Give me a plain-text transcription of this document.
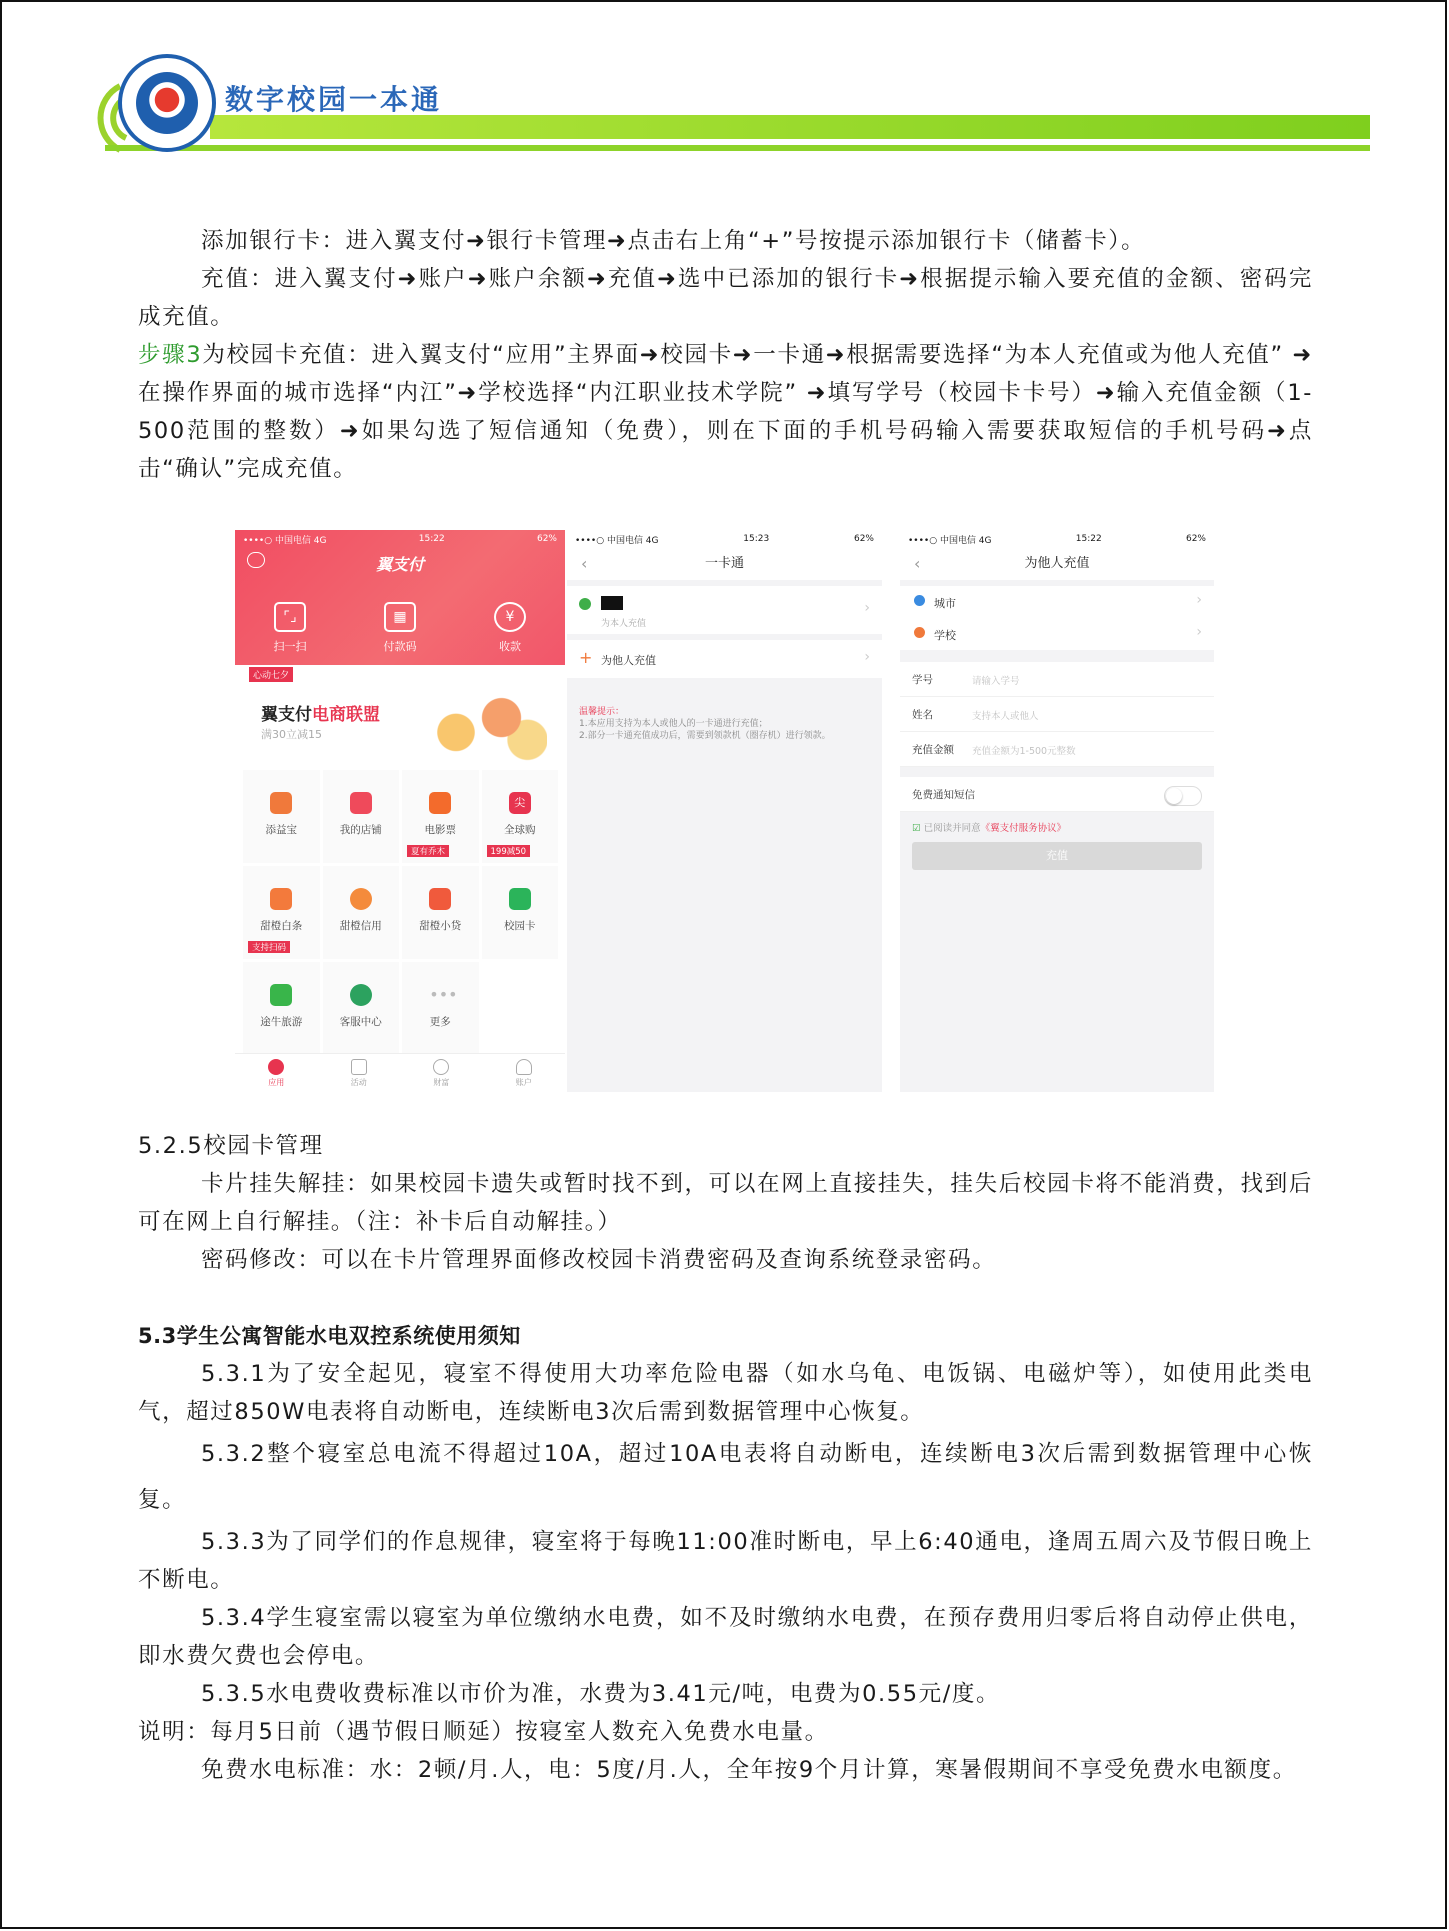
数字校园一本通

添加银行卡：进入翼支付➜银行卡管理➜点击右上角“+”号按提示添加银行卡（储蓄卡）。

充值：进入翼支付➜账户➜账户余额➜充值➜选中已添加的银行卡➜根据提示输入要充值的金额、密码完成充值。

步骤3为校园卡充值：进入翼支付“应用”主界面➜校园卡➜一卡通➜根据需要选择“为本人充值或为他人充值” ➜在操作界面的城市选择“内江”➜学校选择“内江职业技术学院” ➜填写学号（校园卡卡号）➜输入充值金额（1-500范围的整数）➜如果勾选了短信通知（免费），则在下面的手机号码输入需要获取短信的手机号码➜点击“确认”完成充值。

••••○ 中国电信 4G	15:22	62%
翼支付
⌜⌟
扫一扫
▦
付款码
¥
收款
心动七夕
翼支付电商联盟
满30立减15
添益宝	我的店铺	电影票
夏有乔木
尖
全球购
199减50
甜橙白条
支持扫码
甜橙信用	甜橙小贷	校园卡
途牛旅游	客服中心
•••
更多
应用	活动	财富	账户
••••○ 中国电信 4G	15:23	62%
‹	一卡通
为本人充值
›
+ 为他人充值	›
温馨提示：
1.本应用支持为本人或他人的一卡通进行充值；
2.部分一卡通充值成功后，需要到领款机（圈存机）进行领款。
••••○ 中国电信 4G	15:22	62%
‹	为他人充值
城市	›
学校	›
学号	请输入学号
姓名	支持本人或他人
充值金额 充值金额为1-500元整数
免费通知短信
☑ 已阅读并同意《翼支付服务协议》
充值

5.2.5校园卡管理

卡片挂失解挂：如果校园卡遗失或暂时找不到，可以在网上直接挂失，挂失后校园卡将不能消费，找到后可在网上自行解挂。（注：补卡后自动解挂。）

密码修改：可以在卡片管理界面修改校园卡消费密码及查询系统登录密码。

5.3学生公寓智能水电双控系统使用须知

5.3.1为了安全起见，寝室不得使用大功率危险电器（如水乌龟、电饭锅、电磁炉等），如使用此类电气，超过850W电表将自动断电，连续断电3次后需到数据管理中心恢复。

5.3.2整个寝室总电流不得超过10A，超过10A电表将自动断电，连续断电3次后需到数据管理中心恢复。

5.3.3为了同学们的作息规律，寝室将于每晚11:00准时断电，早上6:40通电，逢周五周六及节假日晚上不断电。

5.3.4学生寝室需以寝室为单位缴纳水电费，如不及时缴纳水电费，在预存费用归零后将自动停止供电，即水费欠费也会停电。

5.3.5水电费收费标准以市价为准，水费为3.41元/吨，电费为0.55元/度。

说明：每月5日前（遇节假日顺延）按寝室人数充入免费水电量。

免费水电标准：水：2顿/月.人，电：5度/月.人，全年按9个月计算，寒暑假期间不享受免费水电额度。
